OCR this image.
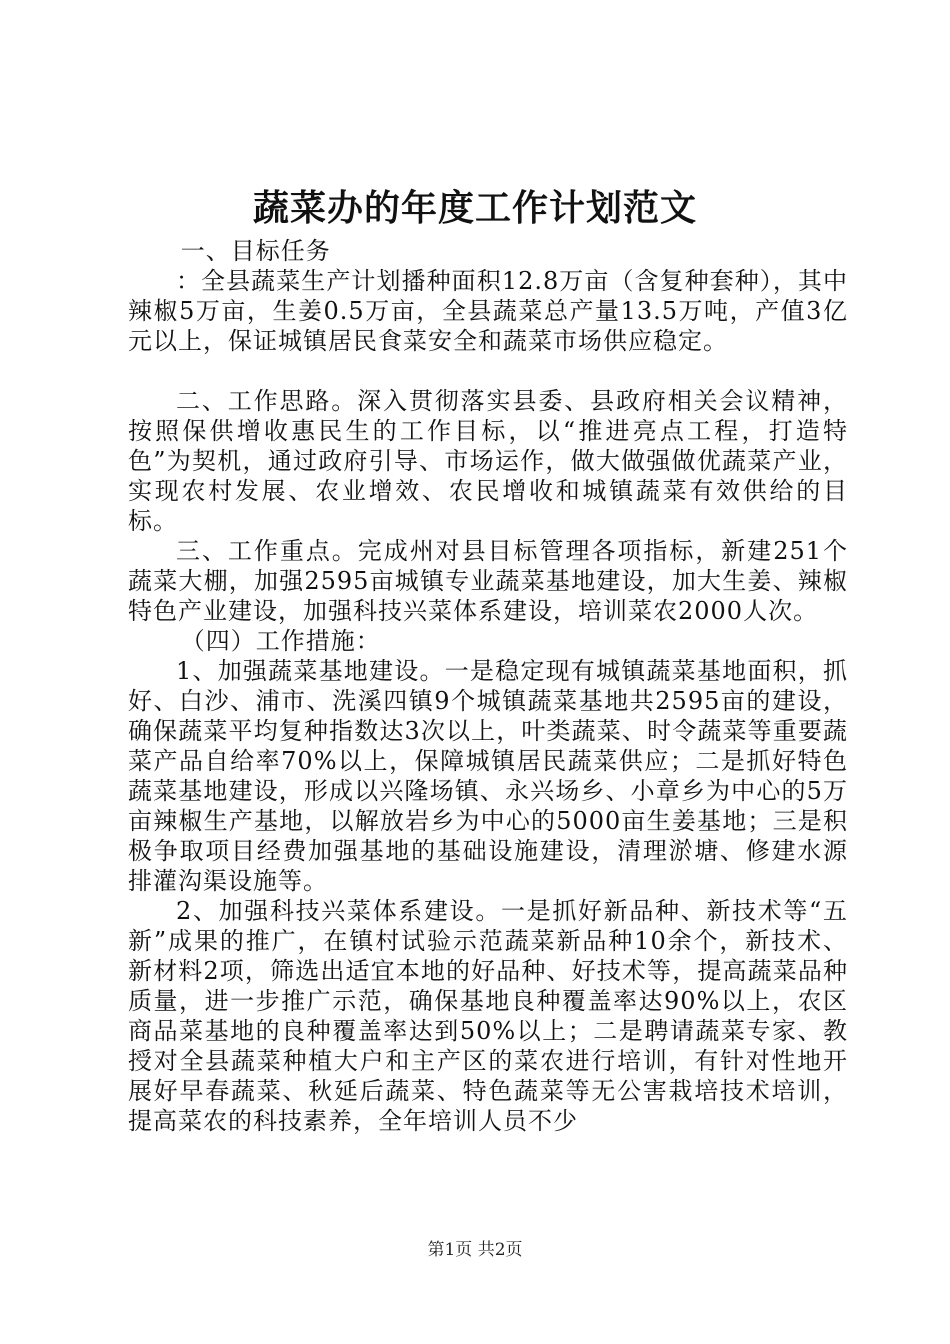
蔬菜办的年度工作计划范文

一、目标任务

：全县蔬菜生产计划播种面积12.8万亩（含复种套种），其中辣椒5万亩，生姜0.5万亩，全县蔬菜总产量13.5万吨，产值3亿元以上，保证城镇居民食菜安全和蔬菜市场供应稳定。

二、工作思路。深入贯彻落实县委、县政府相关会议精神，按照保供增收惠民生的工作目标，以“推进亮点工程，打造特色”为契机，通过政府引导、市场运作，做大做强做优蔬菜产业，实现农村发展、农业增效、农民增收和城镇蔬菜有效供给的目标。

三、工作重点。完成州对县目标管理各项指标，新建251个蔬菜大棚，加强2595亩城镇专业蔬菜基地建设，加大生姜、辣椒特色产业建设，加强科技兴菜体系建设，培训菜农2000人次。

（四）工作措施：

1、加强蔬菜基地建设。一是稳定现有城镇蔬菜基地面积，抓好、白沙、浦市、洗溪四镇9个城镇蔬菜基地共2595亩的建设，确保蔬菜平均复种指数达3次以上，叶类蔬菜、时令蔬菜等重要蔬菜产品自给率70%以上，保障城镇居民蔬菜供应；二是抓好特色蔬菜基地建设，形成以兴隆场镇、永兴场乡、小章乡为中心的5万亩辣椒生产基地，以解放岩乡为中心的5000亩生姜基地；三是积极争取项目经费加强基地的基础设施建设，清理淤塘、修建水源排灌沟渠设施等。

2、加强科技兴菜体系建设。一是抓好新品种、新技术等“五新”成果的推广，在镇村试验示范蔬菜新品种10余个，新技术、新材料2项，筛选出适宜本地的好品种、好技术等，提高蔬菜品种质量，进一步推广示范，确保基地良种覆盖率达90%以上，农区商品菜基地的良种覆盖率达到50%以上；二是聘请蔬菜专家、教授对全县蔬菜种植大户和主产区的菜农进行培训，有针对性地开展好早春蔬菜、秋延后蔬菜、特色蔬菜等无公害栽培技术培训，提高菜农的科技素养，全年培训人员不少

第1页 共2页
